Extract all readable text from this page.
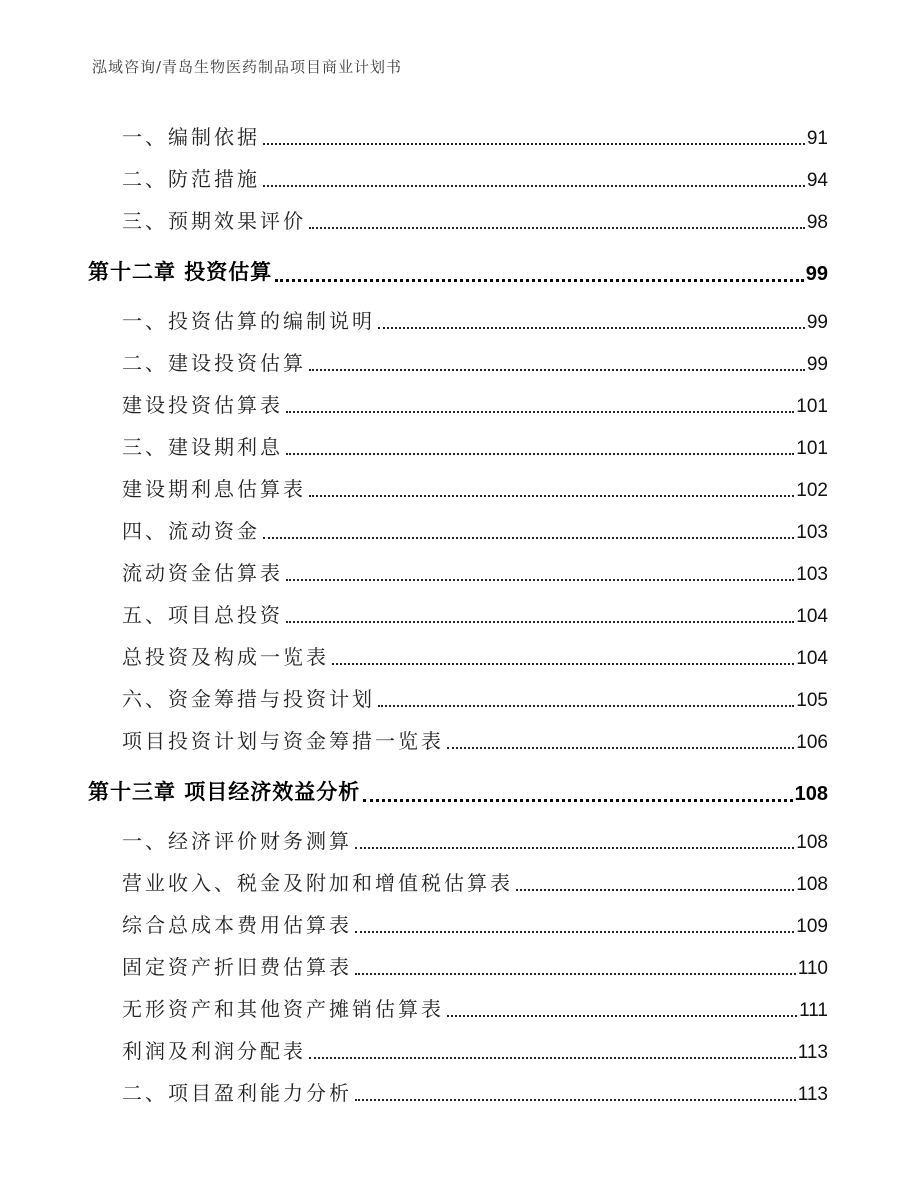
泓域咨询/青岛生物医药制品项目商业计划书
一、编制依据	91
二、防范措施	94
三、预期效果评价	98
第十二章 投资估算	99
一、投资估算的编制说明	99
二、建设投资估算	99
建设投资估算表	101
三、建设期利息	101
建设期利息估算表	102
四、流动资金	103
流动资金估算表	103
五、项目总投资	104
总投资及构成一览表	104
六、资金筹措与投资计划	105
项目投资计划与资金筹措一览表	106
第十三章 项目经济效益分析	108
一、经济评价财务测算	108
营业收入、税金及附加和增值税估算表	108
综合总成本费用估算表	109
固定资产折旧费估算表	110
无形资产和其他资产摊销估算表	111
利润及利润分配表	113
二、项目盈利能力分析	113
